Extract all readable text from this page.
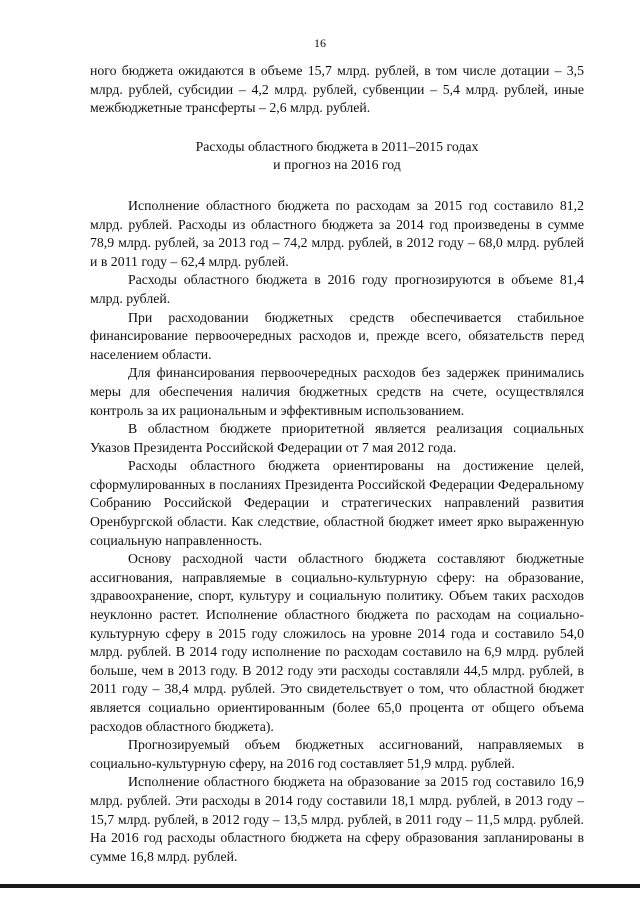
16

ного бюджета ожидаются в объеме 15,7 млрд. рублей, в том числе дотации – 3,5 млрд. рублей, субсидии – 4,2 млрд. рублей, субвенции – 5,4 млрд. рублей, иные межбюджетные трансферты – 2,6 млрд. рублей.

Расходы областного бюджета в 2011–2015 годах
и прогноз на 2016 год

Исполнение областного бюджета по расходам за 2015 год составило 81,2 млрд. рублей. Расходы из областного бюджета за 2014 год произведены в сумме 78,9 млрд. рублей, за 2013 год – 74,2 млрд. рублей, в 2012 году – 68,0 млрд. рублей и в 2011 году – 62,4 млрд. рублей.

Расходы областного бюджета в 2016 году прогнозируются в объеме 81,4 млрд. рублей.

При расходовании бюджетных средств обеспечивается стабильное финансирование первоочередных расходов и, прежде всего, обязательств перед населением области.

Для финансирования первоочередных расходов без задержек принимались меры для обеспечения наличия бюджетных средств на счете, осуществлялся контроль за их рациональным и эффективным использованием.

В областном бюджете приоритетной является реализация социальных Указов Президента Российской Федерации от 7 мая 2012 года.

Расходы областного бюджета ориентированы на достижение целей, сформулированных в посланиях Президента Российской Федерации Федеральному Собранию Российской Федерации и стратегических направлений развития Оренбургской области. Как следствие, областной бюджет имеет ярко выраженную социальную направленность.

Основу расходной части областного бюджета составляют бюджетные ассигнования, направляемые в социально-культурную сферу: на образование, здравоохранение, спорт, культуру и социальную политику. Объем таких расходов неуклонно растет. Исполнение областного бюджета по расходам на социально-культурную сферу в 2015 году сложилось на уровне 2014 года и составило 54,0 млрд. рублей. В 2014 году исполнение по расходам составило на 6,9 млрд. рублей больше, чем в 2013 году. В 2012 году эти расходы составляли 44,5 млрд. рублей, в 2011 году – 38,4 млрд. рублей. Это свидетельствует о том, что областной бюджет является социально ориентированным (более 65,0 процента от общего объема расходов областного бюджета).

Прогнозируемый объем бюджетных ассигнований, направляемых в социально-культурную сферу, на 2016 год составляет 51,9 млрд. рублей.

Исполнение областного бюджета на образование за 2015 год составило 16,9 млрд. рублей. Эти расходы в 2014 году составили 18,1 млрд. рублей, в 2013 году – 15,7 млрд. рублей, в 2012 году – 13,5 млрд. рублей, в 2011 году – 11,5 млрд. рублей. На 2016 год расходы областного бюджета на сферу образования запланированы в сумме 16,8 млрд. рублей.
